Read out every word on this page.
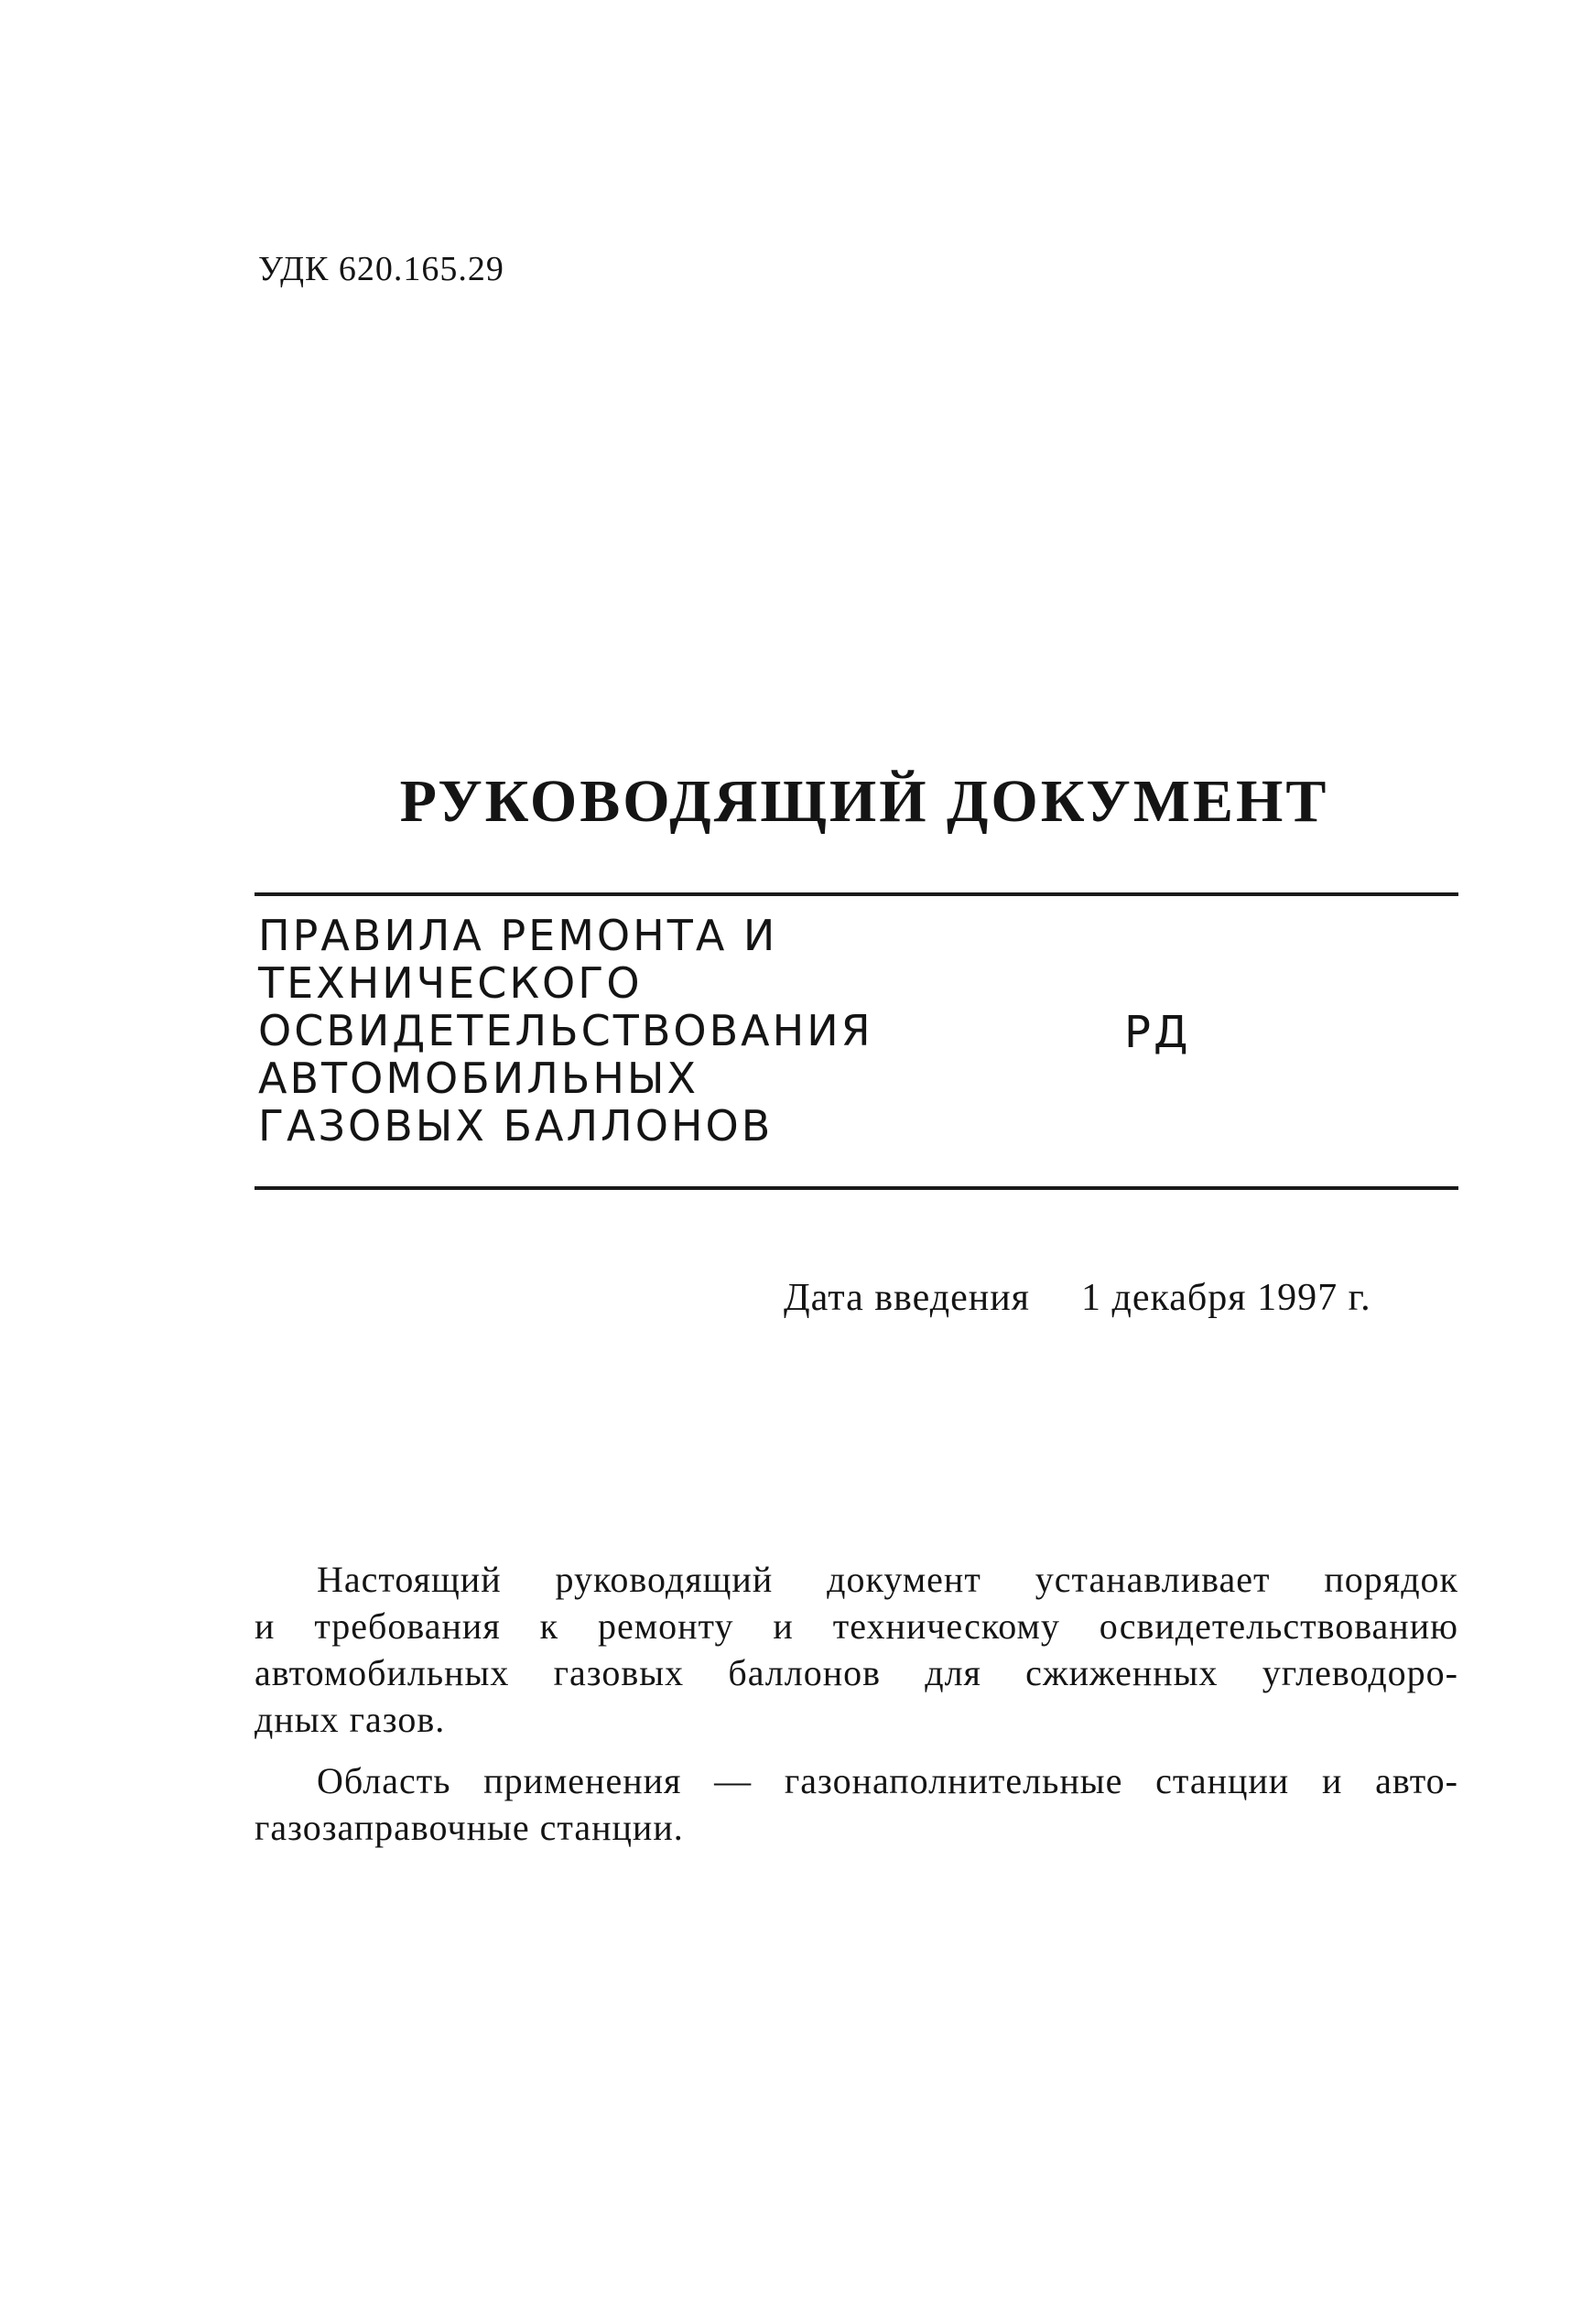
УДК 620.165.29
РУКОВОДЯЩИЙ ДОКУМЕНТ
ПРАВИЛА РЕМОНТА И
ТЕХНИЧЕСКОГО
ОСВИДЕТЕЛЬСТВОВАНИЯ
АВТОМОБИЛЬНЫХ
ГАЗОВЫХ БАЛЛОНОВ
РД
Дата введения 1 декабря 1997 г.
Настоящий руководящий документ устанавливает порядок
и требования к ремонту и техническому освидетельствованию
автомобильных газовых баллонов для сжиженных углеводоро-
дных газов.
Область применения — газонаполнительные станции и авто-
газозаправочные станции.
